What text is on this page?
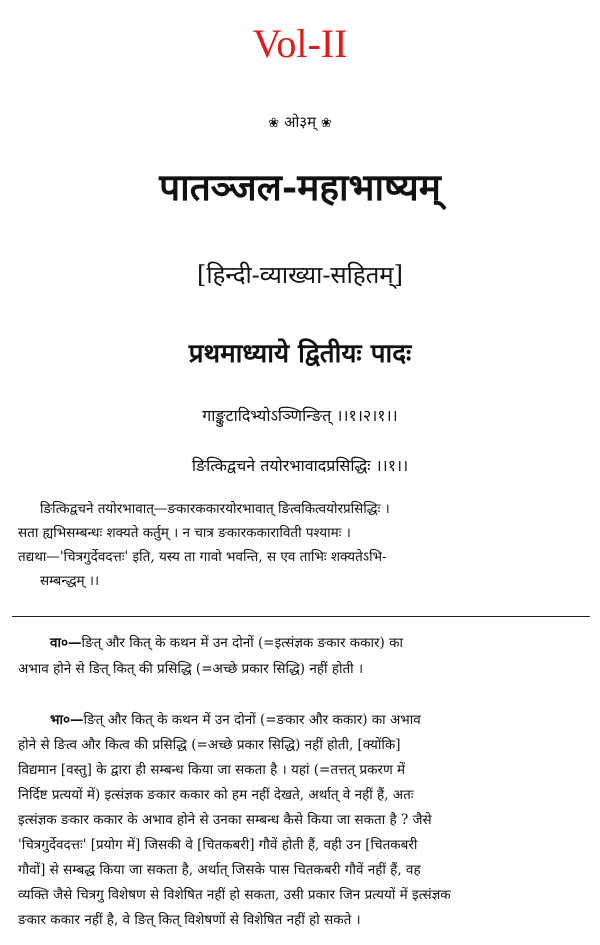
Vol-II
❀ ओ३म् ❀
पातञ्जल-महाभाष्यम्
[हिन्दी-व्याख्या-सहितम्]
प्रथमाध्याये द्वितीयः पादः
गाङ्कुटादिभ्योऽञ्णिन्ङित् ।।१।२।१।।
ङित्किद्वचने तयोरभावादप्रसिद्धिः ।।१।।
ङित्किद्वचने तयोरभावात्—ङकारककारयोरभावात् ङित्वकित्वयोरप्रसिद्धिः ।
सता ह्यभिसम्बन्धः शक्यते कर्तुम् । न चात्र ङकारककाराविती पश्यामः ।
तद्यथा—'चित्रगुर्देवदत्तः' इति, यस्य ता गावो भवन्ति, स एव ताभिः शक्यतेऽभि-
सम्बन्द्धम् ।।
वा०—ङित् और कित् के कथन में उन दोनों (=इत्संज्ञक ङकार ककार) का
अभाव होने से ङित् कित् की प्रसिद्धि (=अच्छे प्रकार सिद्धि) नहीं होती ।
भा०—ङित् और कित् के कथन में उन दोनों (=ङकार और ककार) का अभाव
होने से ङित्व और कित्व की प्रसिद्धि (=अच्छे प्रकार सिद्धि) नहीं होती, [क्योंकि]
विद्यमान [वस्तु] के द्वारा ही सम्बन्ध किया जा सकता है । यहां (=तत्तत् प्रकरण में
निर्दिष्ट प्रत्ययों में) इत्संज्ञक ङकार ककार को हम नहीं देखते, अर्थात् वे नहीं हैं, अतः
इत्संज्ञक ङकार ककार के अभाव होने से उनका सम्बन्ध कैसे किया जा सकता है ? जैसे
'चित्रगुर्देवदत्तः' [प्रयोग में] जिसकी वे [चितकबरी] गौवें होती हैं, वही उन [चितकबरी
गौवों] से सम्बद्ध किया जा सकता है, अर्थात् जिसके पास चितकबरी गौवें नहीं हैं, वह
व्यक्ति जैसे चित्रगु विशेषण से विशेषित नहीं हो सकता, उसी प्रकार जिन प्रत्ययों में इत्संज्ञक
ङकार ककार नहीं है, वे ङित् कित् विशेषणों से विशेषित नहीं हो सकते ।
